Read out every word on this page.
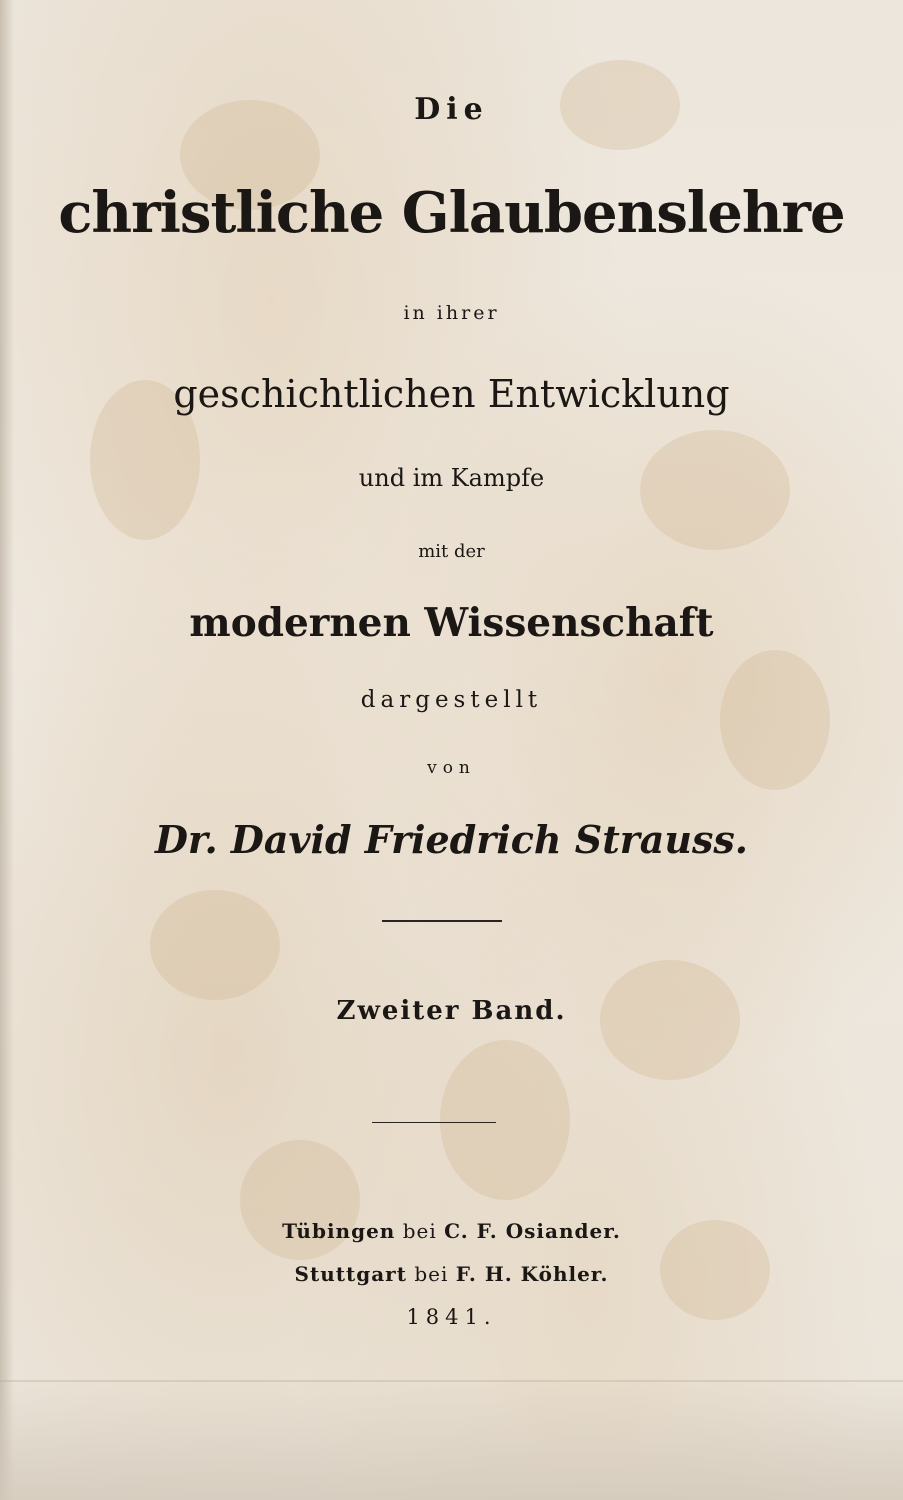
Die
christliche Glaubenslehre
in ihrer
geschichtlichen Entwicklung
und im Kampfe
mit der
modernen Wissenschaft
dargestellt
von
Dr. David Friedrich Strauss.
Zweiter Band.
Tübingen bei C. F. Osiander.
Stuttgart bei F. H. Köhler.
1841.
